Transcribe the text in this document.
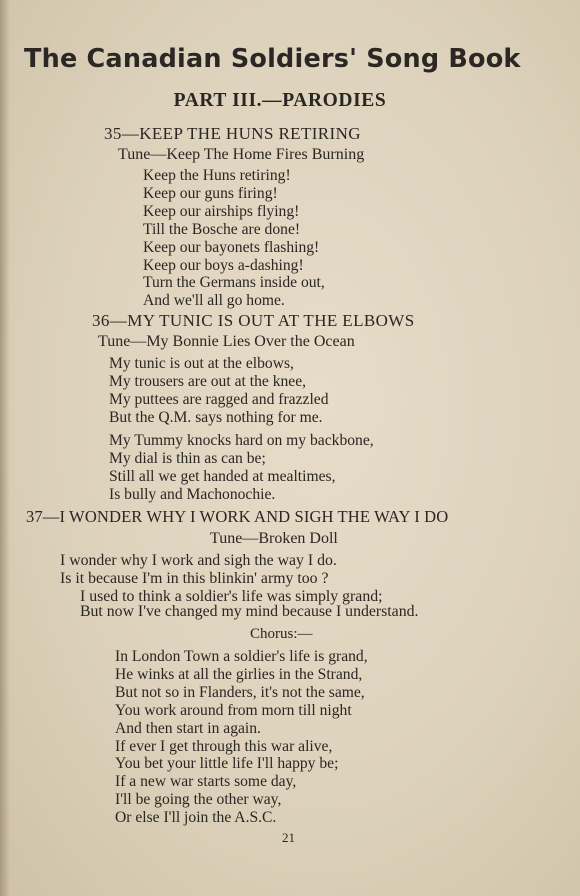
The Canadian Soldiers' Song Book
PART III.—PARODIES
35—KEEP THE HUNS RETIRING
Tune—Keep The Home Fires Burning
Keep the Huns retiring!
Keep our guns firing!
Keep our airships flying!
Till the Bosche are done!
Keep our bayonets flashing!
Keep our boys a-dashing!
Turn the Germans inside out,
And we'll all go home.
36—MY TUNIC IS OUT AT THE ELBOWS
Tune—My Bonnie Lies Over the Ocean
My tunic is out at the elbows,
My trousers are out at the knee,
My puttees are ragged and frazzled
But the Q.M. says nothing for me.
My Tummy knocks hard on my backbone,
My dial is thin as can be;
Still all we get handed at mealtimes,
Is bully and Machonochie.
37—I WONDER WHY I WORK AND SIGH THE WAY I DO
Tune—Broken Doll
I wonder why I work and sigh the way I do.
Is it because I'm in this blinkin' army too ?
I used to think a soldier's life was simply grand;
But now I've changed my mind because I understand.
Chorus:—
In London Town a soldier's life is grand,
He winks at all the girlies in the Strand,
But not so in Flanders, it's not the same,
You work around from morn till night
And then start in again.
If ever I get through this war alive,
You bet your little life I'll happy be;
If a new war starts some day,
I'll be going the other way,
Or else I'll join the A.S.C.
21
